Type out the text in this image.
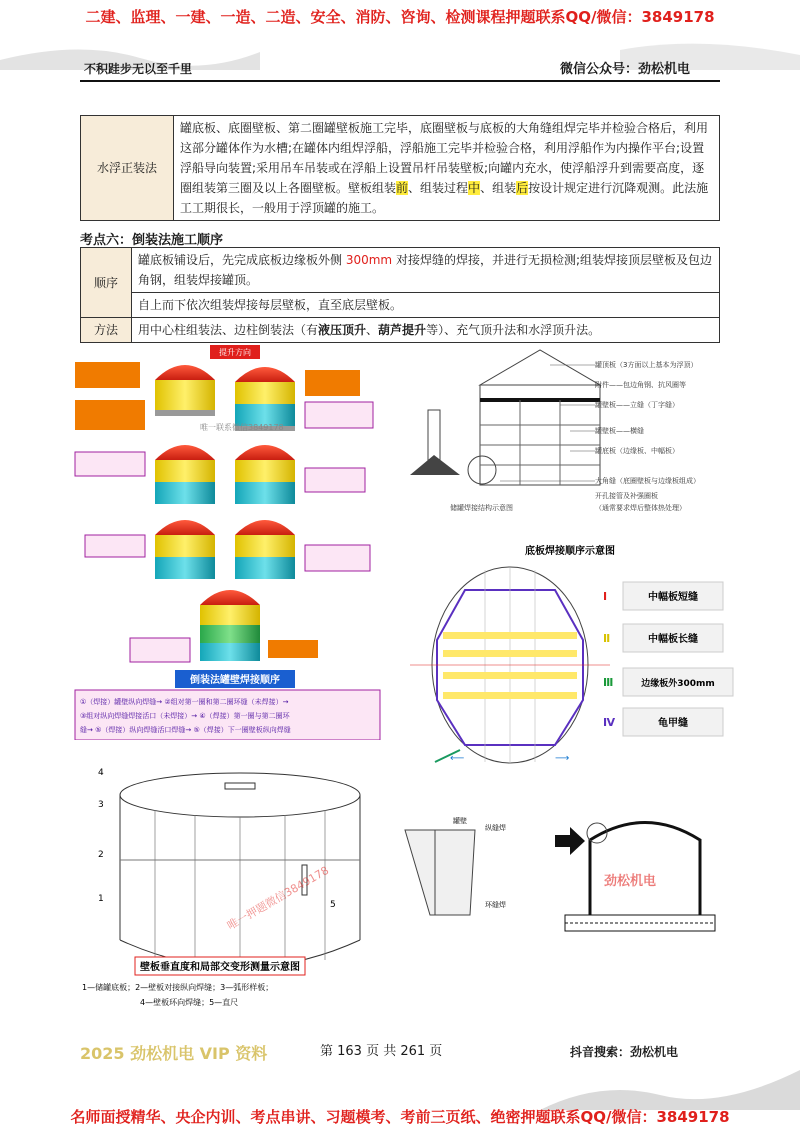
二建、监理、一建、一造、二造、安全、消防、咨询、检测课程押题联系QQ/微信：3849178
不积跬步无以至千里	微信公众号：劲松机电
水浮正装法	罐底板、底圈壁板、第二圈罐壁板施工完毕，底圈壁板与底板的大角缝组焊完毕并检验合格后，利用这部分罐体作为水槽;在罐体内组焊浮船，浮船施工完毕并检验合格，利用浮船作为内操作平台;设置浮船导向装置;采用吊车吊装或在浮船上设置吊杆吊装壁板;向罐内充水，使浮船浮升到需要高度，逐圈组装第三圈及以上各圈壁板。壁板组装前、组装过程中、组装后按设计规定进行沉降观测。此法施工工期很长，一般用于浮顶罐的施工。
考点六：倒装法施工顺序
顺序	罐底板铺设后，先完成底板边缘板外侧 300mm 对接焊缝的焊接，并进行无损检测;组装焊接顶层壁板及包边角钢，组装焊接罐顶。
	自上而下依次组装焊接每层壁板，直至底层壁板。
方法	用中心柱组装法、边柱倒装法（有液压顶升、葫芦提升等）、充气顶升法和水浮顶升法。
提升方向
倒装法罐壁焊接顺序
①（焊接）罐壁纵向焊缝→ ②组对第一圈和第二圈环缝（未焊接）→
③组对纵向焊缝焊接活口（未焊接）→ ④（焊接）第一圈与第二圈环
缝→ ⑤（焊接）纵向焊缝活口焊缝→ ⑤（焊接）下一圈壁板纵向焊缝
唯一联系微信3849178
储罐焊接结构示意图
罐顶板（3方面以上基本为浮顶）
附件——包边角钢、抗风圈等
罐壁板——立缝（丁字缝）
罐壁板——横缝
罐底板（边缘板、中幅板）
大角缝（底圈壁板与边缘板组成）
开孔接管及补强圈板
（通常要求焊后整体热处理）
底板焊接顺序示意图
⟵	⟶
Ⅰ	中幅板短缝
Ⅱ	中幅板长缝
Ⅲ	边缘板外300mm
Ⅳ	龟甲缝
4
3
2
1
5
壁板垂直度和局部交变形测量示意图
1—储罐底板；2—壁板对接纵向焊缝；3—弧形样板；
4—壁板环向焊缝；5—直尺
唯一押题微信3849178
罐壁
纵缝焊
环缝焊
劲松机电
2025 劲松机电 VIP 资料	第 163 页 共 261 页	抖音搜索：劲松机电
名师面授精华、央企内训、考点串讲、习题模考、考前三页纸、绝密押题联系QQ/微信：3849178
